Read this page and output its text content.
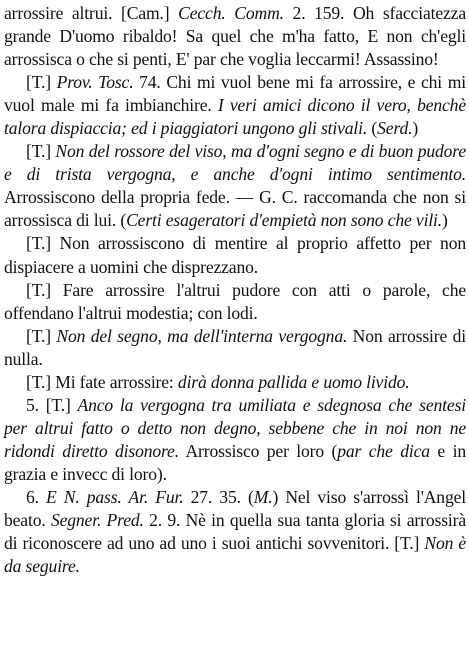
arrossire altrui. [Cam.] Cecch. Comm. 2. 159. Oh sfacciatezza grande D'uomo ribaldo! Sa quel che m'ha fatto, E non ch'egli arrossisca o che si penti, E' par che voglia leccarmi! Assassino!

[T.] Prov. Tosc. 74. Chi mi vuol bene mi fa arrossire, e chi mi vuol male mi fa imbianchire. I veri amici dicono il vero, benchè talora dispiaccia; ed i piaggiatori ungono gli stivali. (Serd.)

[T.] Non del rossore del viso, ma d'ogni segno e di buon pudore e di trista vergogna, e anche d'ogni intimo sentimento. Arrossiscono della propria fede. — G. C. raccomanda che non si arrossisca di lui. (Certi esageratori d'empietà non sono che vili.)

[T.] Non arrossiscono di mentire al proprio affetto per non dispiacere a uomini che disprezzano.

[T.] Fare arrossire l'altrui pudore con atti o parole, che offendano l'altrui modestia; con lodi.

[T.] Non del segno, ma dell'interna vergogna. Non arrossire di nulla.

[T.] Mi fate arrossire: dirà donna pallida e uomo livido.

5. [T.] Anco la vergogna tra umiliata e sdegnosa che sentesi per altrui fatto o detto non degno, sebbene che in noi non ne ridondi diretto disonore. Arrossisco per loro (par che dica e in grazia e invecc di loro).

6. E N. pass. Ar. Fur. 27. 35. (M.) Nel viso s'arrossì l'Angel beato. Segner. Pred. 2. 9. Nè in quella sua tanta gloria si arrossirà di riconoscere ad uno ad uno i suoi antichi sovvenitori. [T.] Non è da seguire.
